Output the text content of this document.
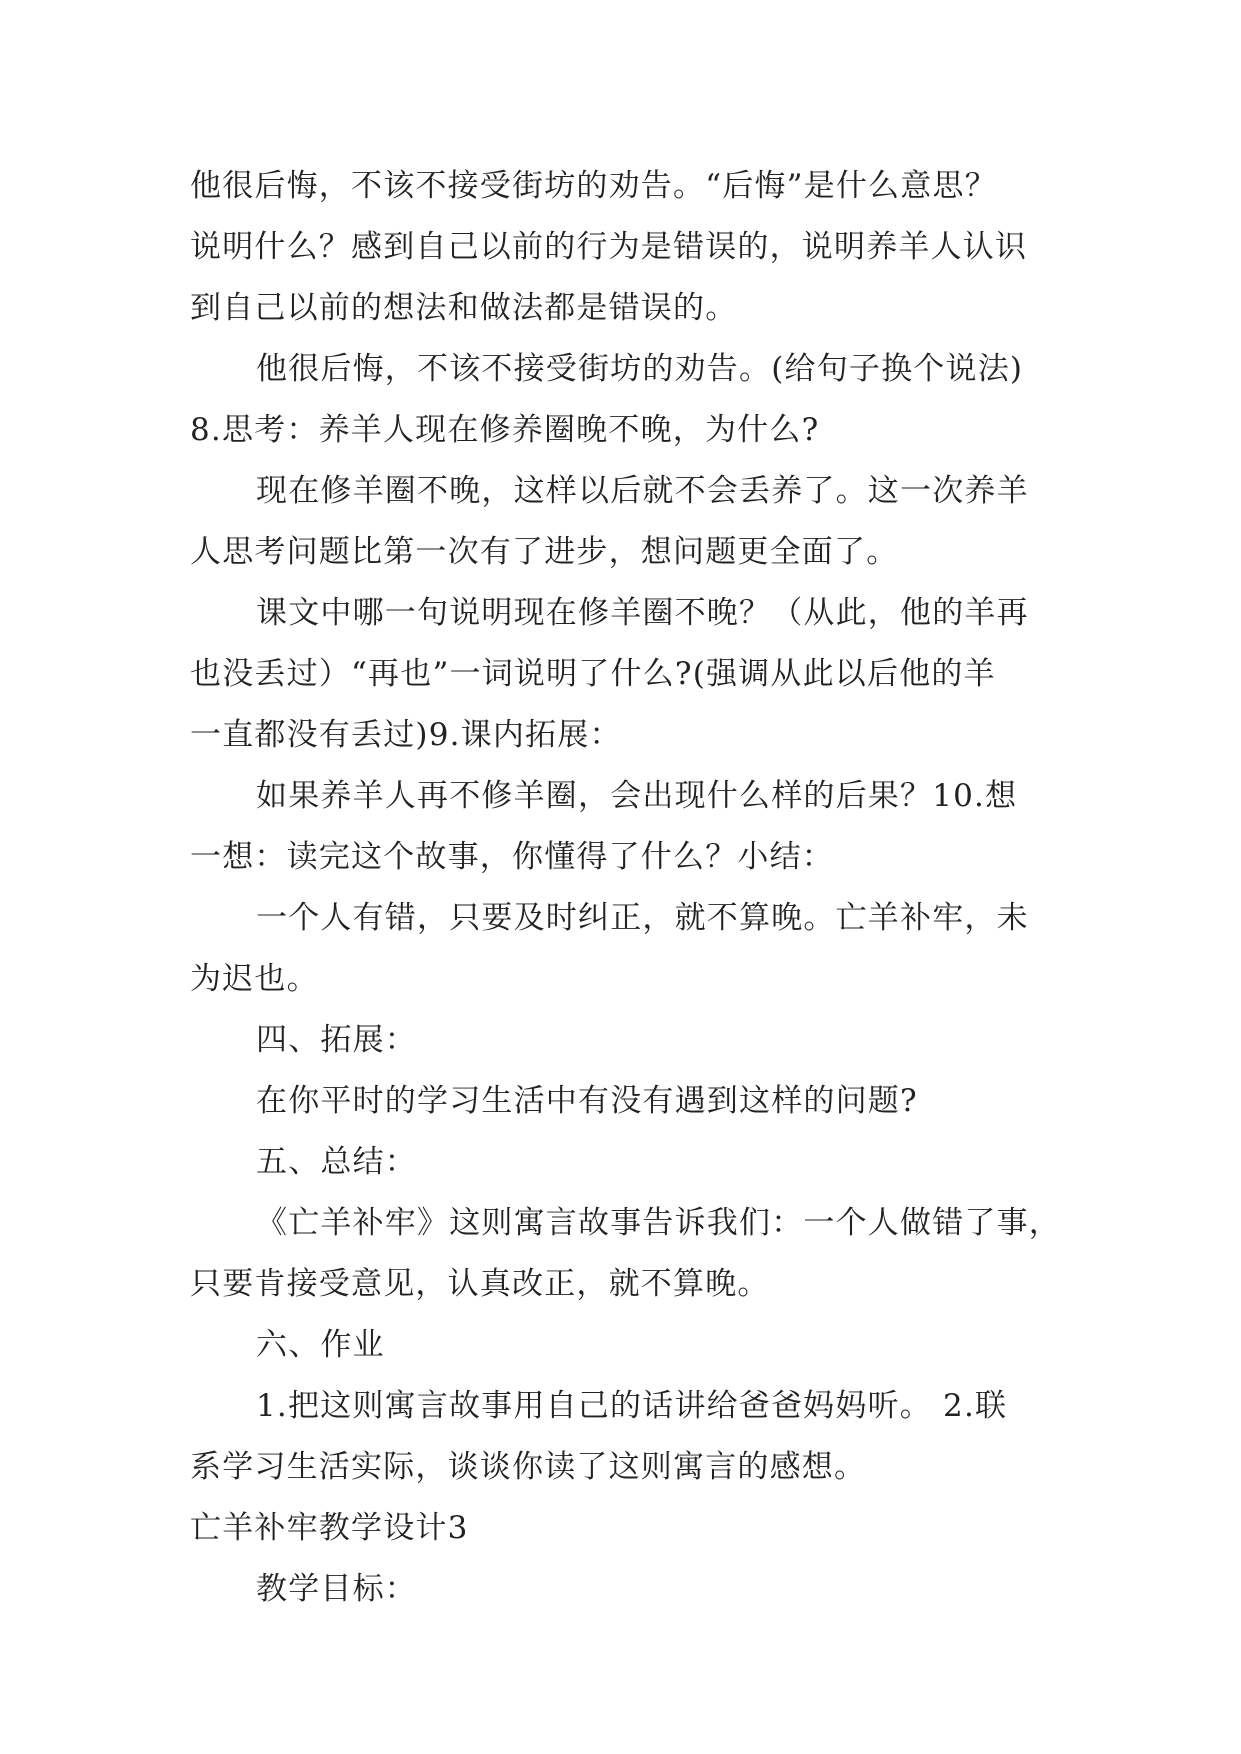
他很后悔，不该不接受街坊的劝告。“后悔”是什么意思？
说明什么？感到自己以前的行为是错误的，说明养羊人认识
到自己以前的想法和做法都是错误的。
他很后悔，不该不接受街坊的劝告。(给句子换个说法)
8.思考：养羊人现在修养圈晚不晚，为什么?
现在修羊圈不晚，这样以后就不会丢养了。这一次养羊
人思考问题比第一次有了进步，想问题更全面了。
课文中哪一句说明现在修羊圈不晚？（从此，他的羊再
也没丢过）“再也”一词说明了什么?(强调从此以后他的羊
一直都没有丢过)9.课内拓展：
如果养羊人再不修羊圈，会出现什么样的后果？10.想
一想：读完这个故事，你懂得了什么？小结：
一个人有错，只要及时纠正，就不算晚。亡羊补牢，未
为迟也。
四、拓展：
在你平时的学习生活中有没有遇到这样的问题?
五、总结：
《亡羊补牢》这则寓言故事告诉我们：一个人做错了事，
只要肯接受意见，认真改正，就不算晚。
六、作业
1.把这则寓言故事用自己的话讲给爸爸妈妈听。 2.联
系学习生活实际，谈谈你读了这则寓言的感想。
亡羊补牢教学设计3
教学目标：
